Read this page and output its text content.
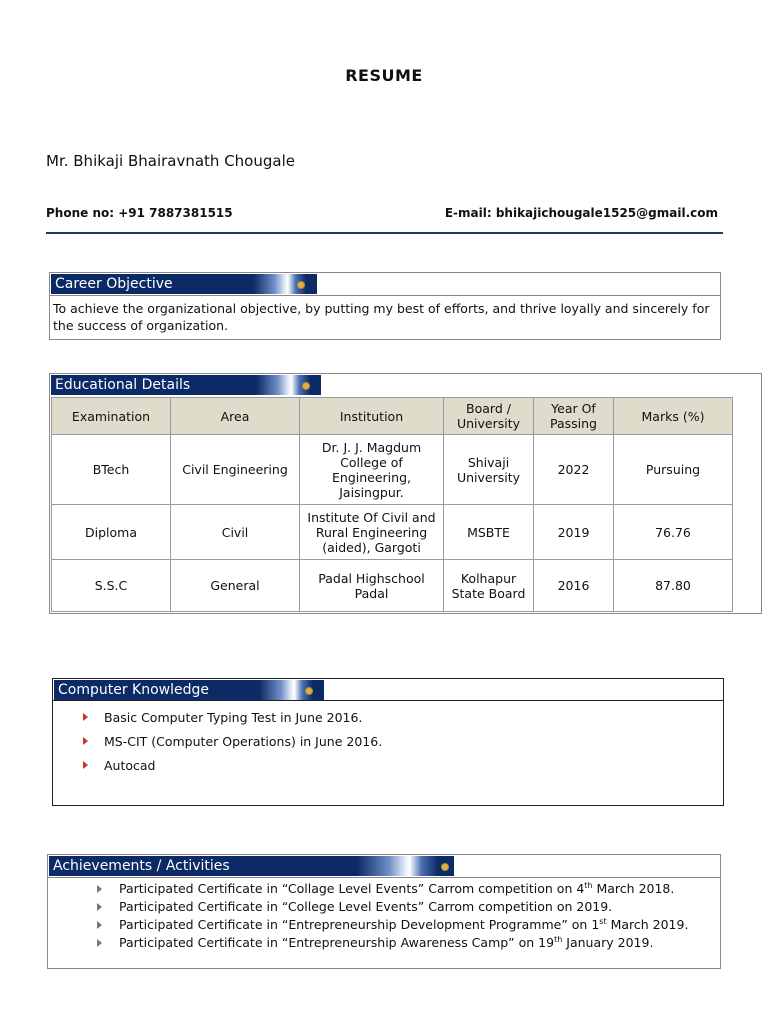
RESUME
Mr. Bhikaji Bhairavnath Chougale
Phone no: +91 7887381515	E-mail: bhikajichougale1525@gmail.com
Career Objective
To achieve the organizational objective, by putting my best of efforts, and thrive loyally and sincerely for the success of organization.
Educational Details
Examination	Area	Institution	Board / University	Year Of Passing	Marks (%)
BTech	Civil Engineering	Dr. J. J. Magdum College of Engineering, Jaisingpur.	Shivaji University	2022	Pursuing
Diploma	Civil	Institute Of Civil and Rural Engineering (aided), Gargoti	MSBTE	2019	76.76
S.S.C	General	Padal Highschool Padal	Kolhapur State Board	2016	87.80
Computer Knowledge
Basic Computer Typing Test in June 2016.
MS-CIT (Computer Operations) in June 2016.
Autocad
Achievements / Activities
Participated Certificate in “Collage Level Events” Carrom competition on 4th March 2018.
Participated Certificate in “College Level Events” Carrom competition on 2019.
Participated Certificate in “Entrepreneurship Development Programme” on 1st March 2019.
Participated Certificate in “Entrepreneurship Awareness Camp” on 19th January 2019.
